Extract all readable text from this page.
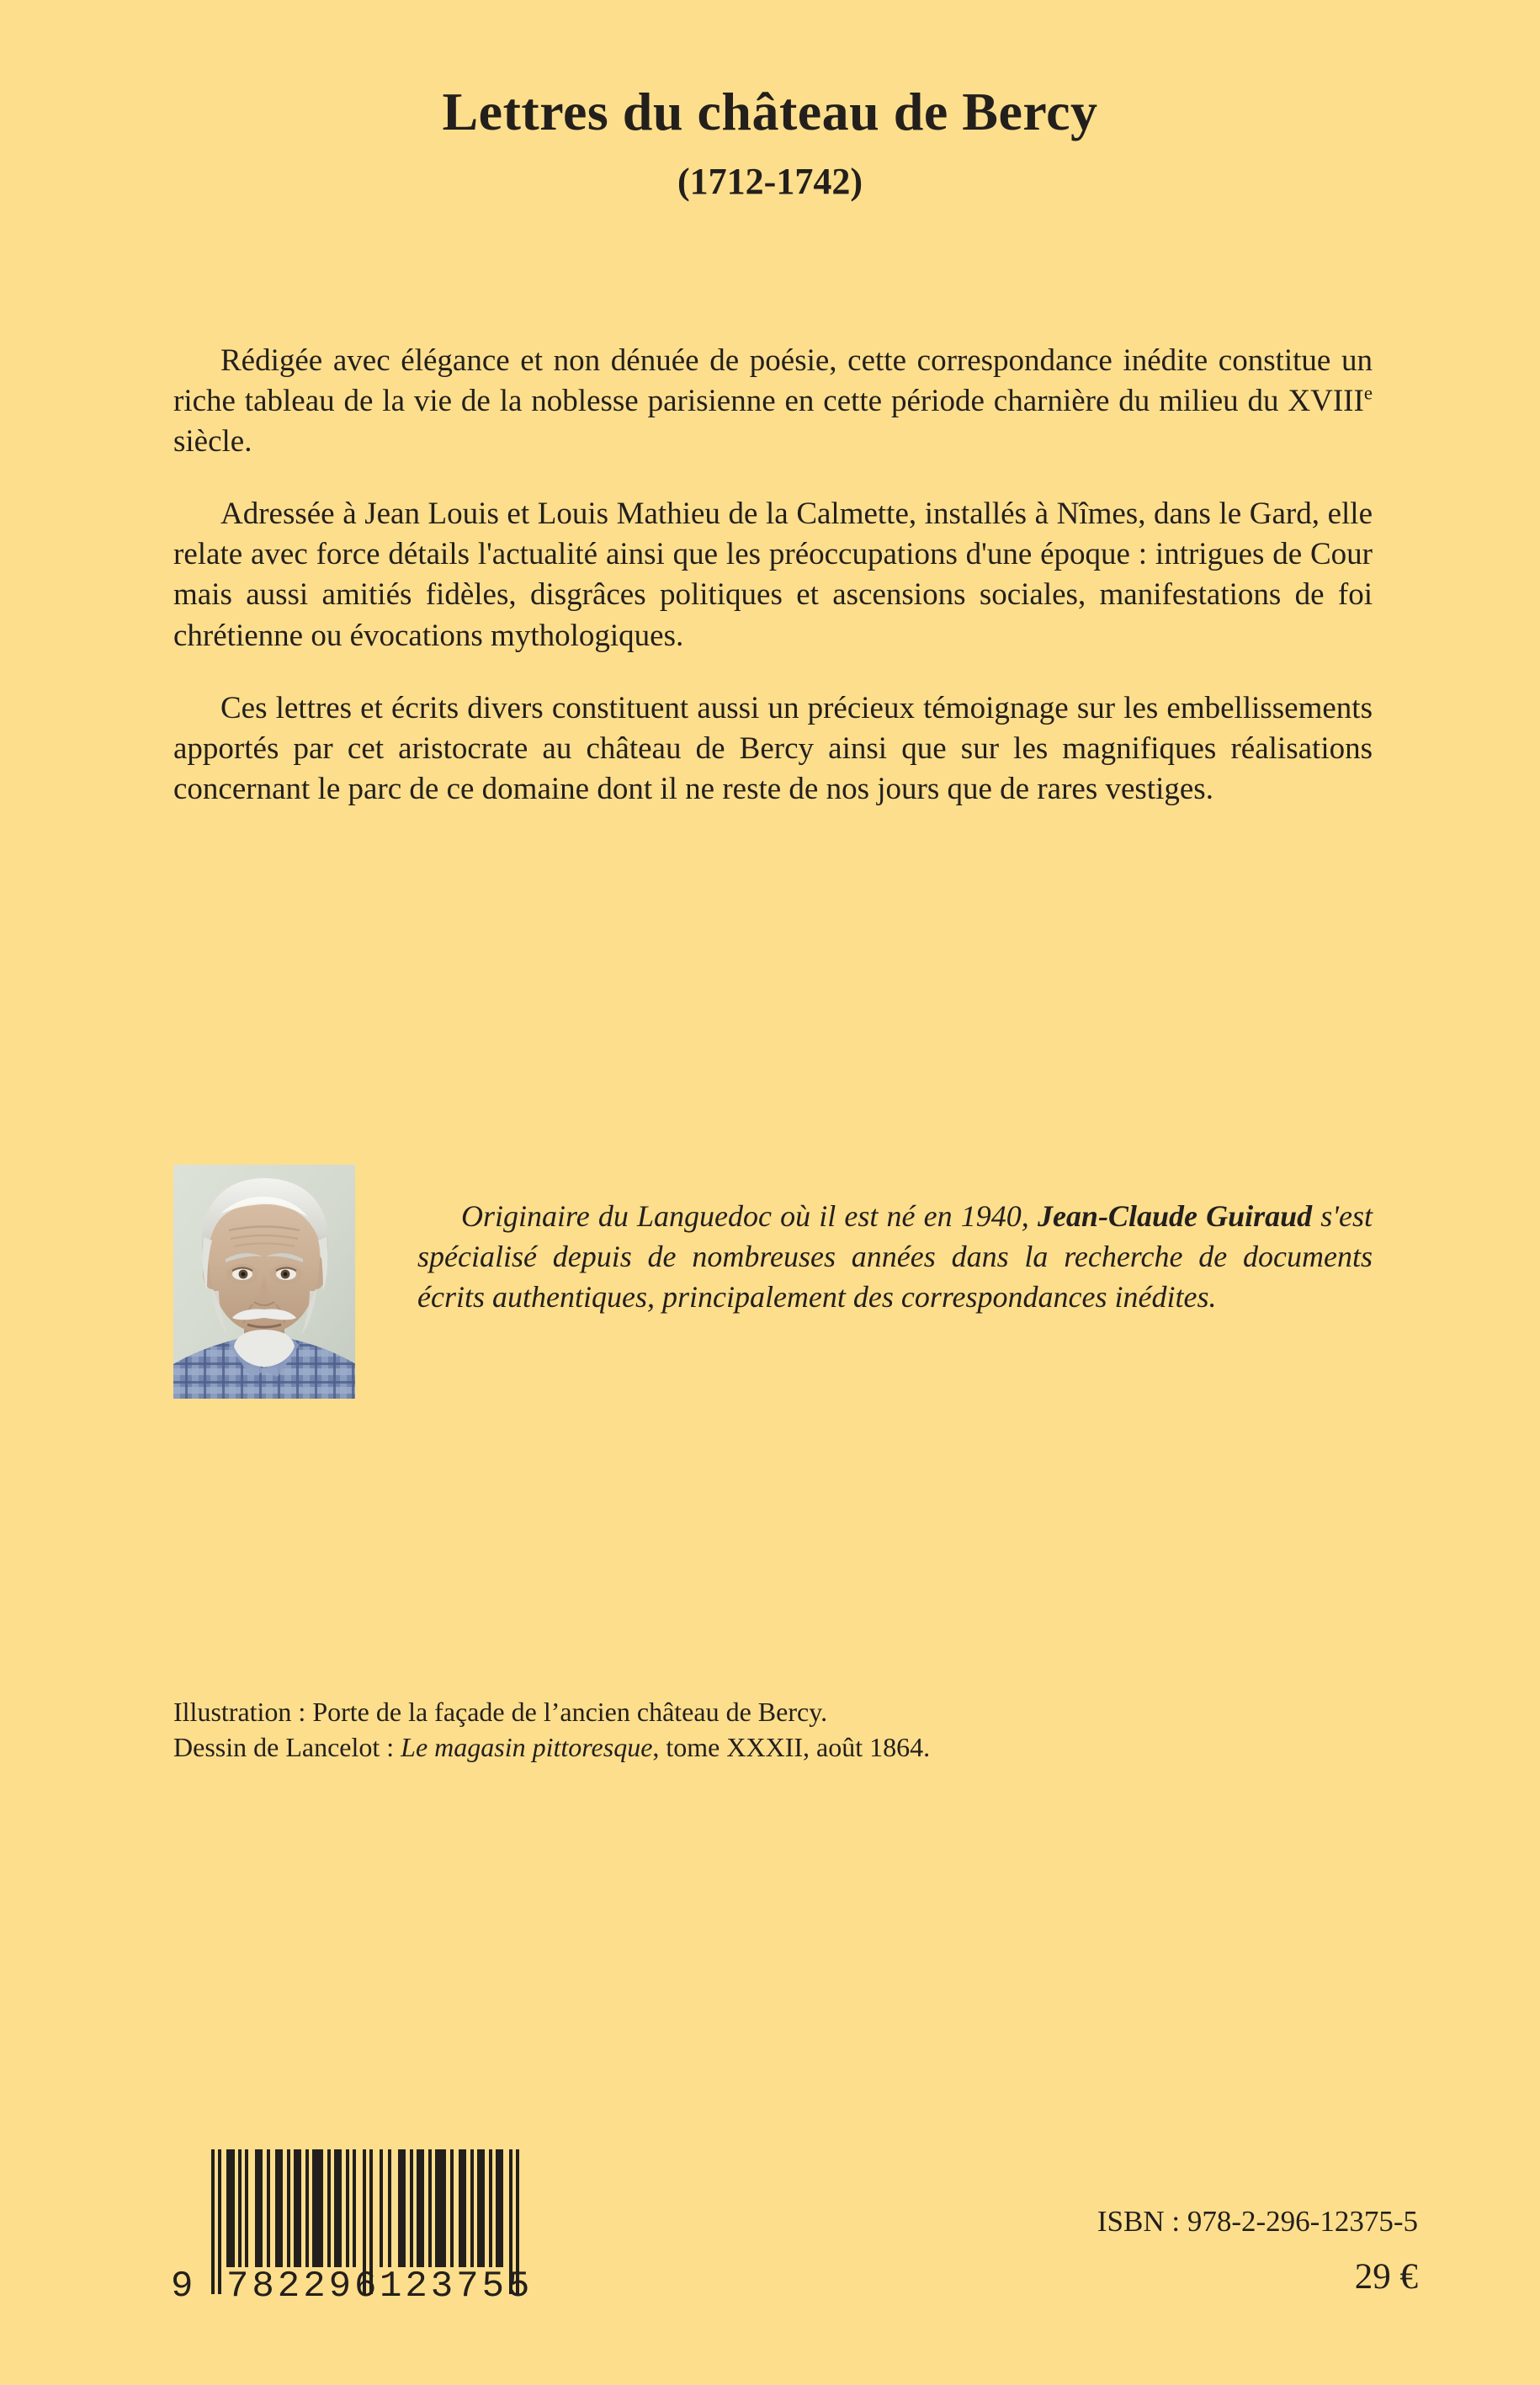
Lettres du château de Bercy
(1712-1742)

Rédigée avec élégance et non dénuée de poésie, cette correspondance inédite constitue un riche tableau de la vie de la noblesse parisienne en cette période charnière du milieu du XVIIIe siècle.

Adressée à Jean Louis et Louis Mathieu de la Calmette, installés à Nîmes, dans le Gard, elle relate avec force détails l'actualité ainsi que les préoccupations d'une époque : intrigues de Cour mais aussi amitiés fidèles, disgrâces politiques et ascensions sociales, manifestations de foi chrétienne ou évocations mythologiques.

Ces lettres et écrits divers constituent aussi un précieux témoignage sur les embellissements apportés par cet aristocrate au château de Bercy ainsi que sur les magnifiques réalisations concernant le parc de ce domaine dont il ne reste de nos jours que de rares vestiges.

Originaire du Languedoc où il est né en 1940, Jean-Claude Guiraud s'est spécialisé depuis de nombreuses années dans la recherche de documents écrits authentiques, principalement des correspondances inédites.
Illustration : Porte de la façade de l’ancien château de Bercy.
Dessin de Lancelot : Le magasin pittoresque, tome XXXII, août 1864.
9 782296 123755
ISBN : 978-2-296-12375-5
29 €
